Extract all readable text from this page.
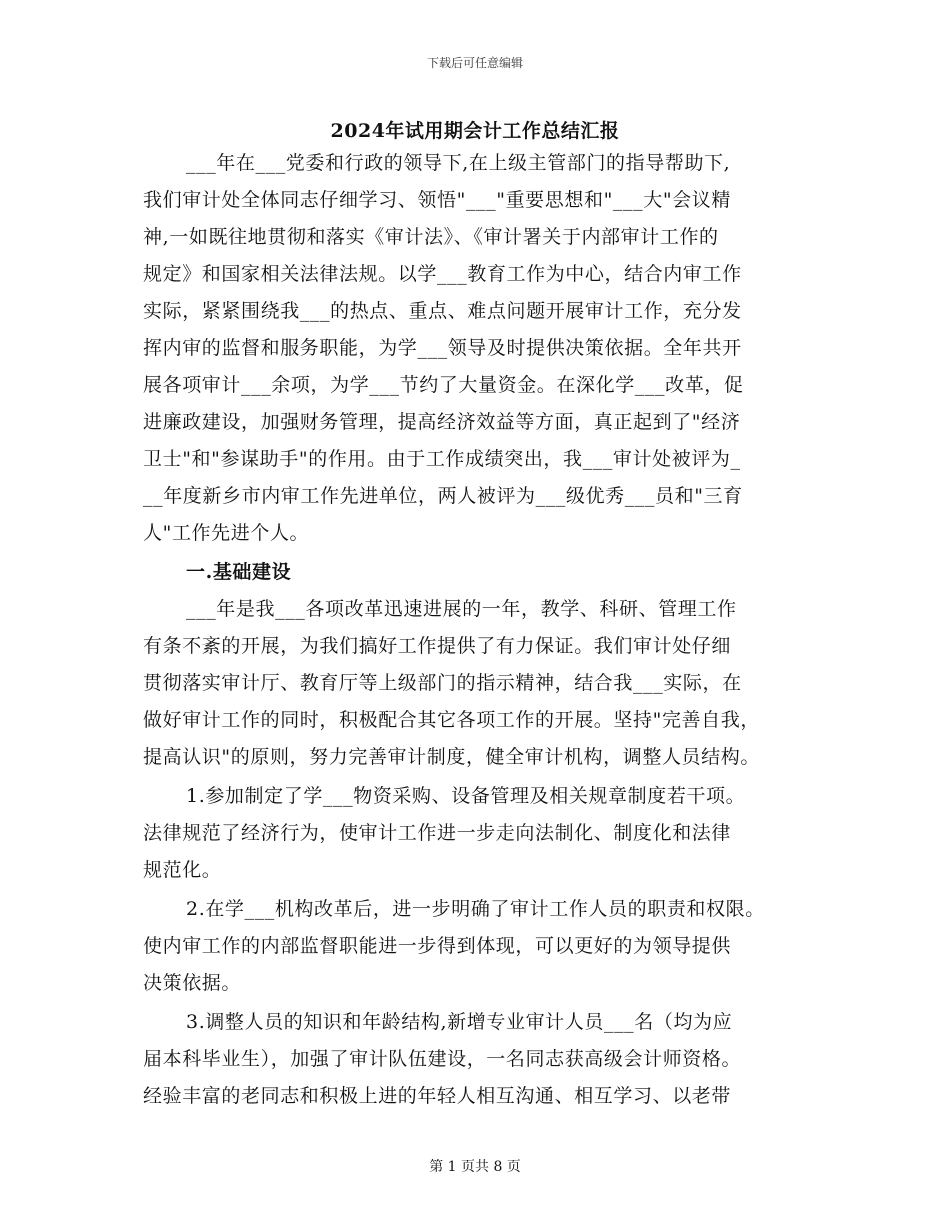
下载后可任意编辑
2024年试用期会计工作总结汇报
___年在___党委和行政的领导下,在上级主管部门的指导帮助下,
我们审计处全体同志仔细学习、领悟"___"重要思想和"___大"会议精
神,一如既往地贯彻和落实《审计法》、《审计署关于内部审计工作的
规定》和国家相关法律法规。以学___教育工作为中心，结合内审工作
实际，紧紧围绕我___的热点、重点、难点问题开展审计工作，充分发
挥内审的监督和服务职能，为学___领导及时提供决策依据。全年共开
展各项审计___余项，为学___节约了大量资金。在深化学___改革，促
进廉政建设，加强财务管理，提高经济效益等方面，真正起到了"经济
卫士"和"参谋助手"的作用。由于工作成绩突出，我___审计处被评为_
__年度新乡市内审工作先进单位，两人被评为___级优秀___员和"三育
人"工作先进个人。
一.基础建设
___年是我___各项改革迅速进展的一年，教学、科研、管理工作
有条不紊的开展，为我们搞好工作提供了有力保证。我们审计处仔细
贯彻落实审计厅、教育厅等上级部门的指示精神，结合我___实际，在
做好审计工作的同时，积极配合其它各项工作的开展。坚持"完善自我，
提高认识"的原则，努力完善审计制度，健全审计机构，调整人员结构。
1.参加制定了学___物资采购、设备管理及相关规章制度若干项。
法律规范了经济行为，使审计工作进一步走向法制化、制度化和法律
规范化。
2.在学___机构改革后，进一步明确了审计工作人员的职责和权限。
使内审工作的内部监督职能进一步得到体现，可以更好的为领导提供
决策依据。
3.调整人员的知识和年龄结构,新增专业审计人员___名（均为应
届本科毕业生），加强了审计队伍建设，一名同志获高级会计师资格。
经验丰富的老同志和积极上进的年轻人相互沟通、相互学习、以老带
第 1 页共 8 页
